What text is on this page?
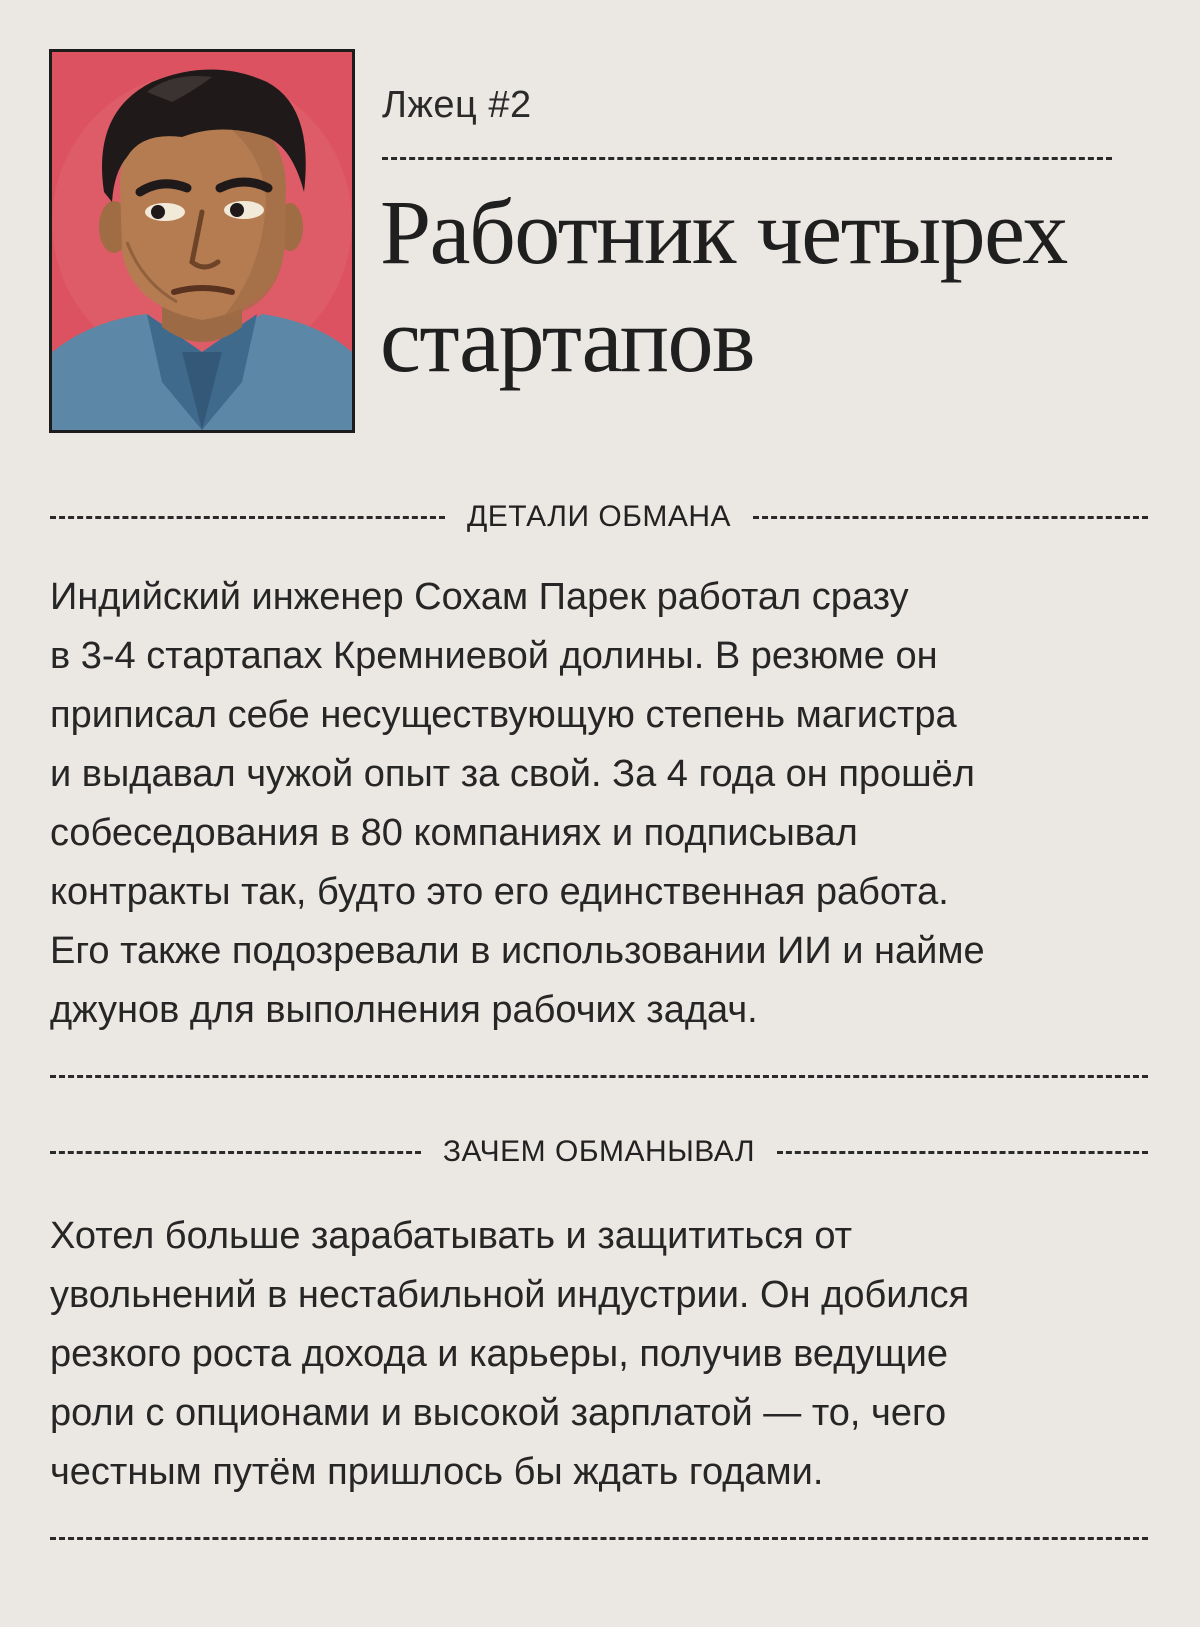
Лжец #2
Работник четырех
стартапов
ДЕТАЛИ ОБМАНА
Индийский инженер Сохам Парек работал сразу
в 3-4 стартапах Кремниевой долины. В резюме он
приписал себе несуществующую степень магистра
и выдавал чужой опыт за свой. За 4 года он прошёл
собеседования в 80 компаниях и подписывал
контракты так, будто это его единственная работа.
Его также подозревали в использовании ИИ и найме
джунов для выполнения рабочих задач.
ЗАЧЕМ ОБМАНЫВАЛ
Хотел больше зарабатывать и защититься от
увольнений в нестабильной индустрии. Он добился
резкого роста дохода и карьеры, получив ведущие
роли с опционами и высокой зарплатой — то, чего
честным путём пришлось бы ждать годами.
